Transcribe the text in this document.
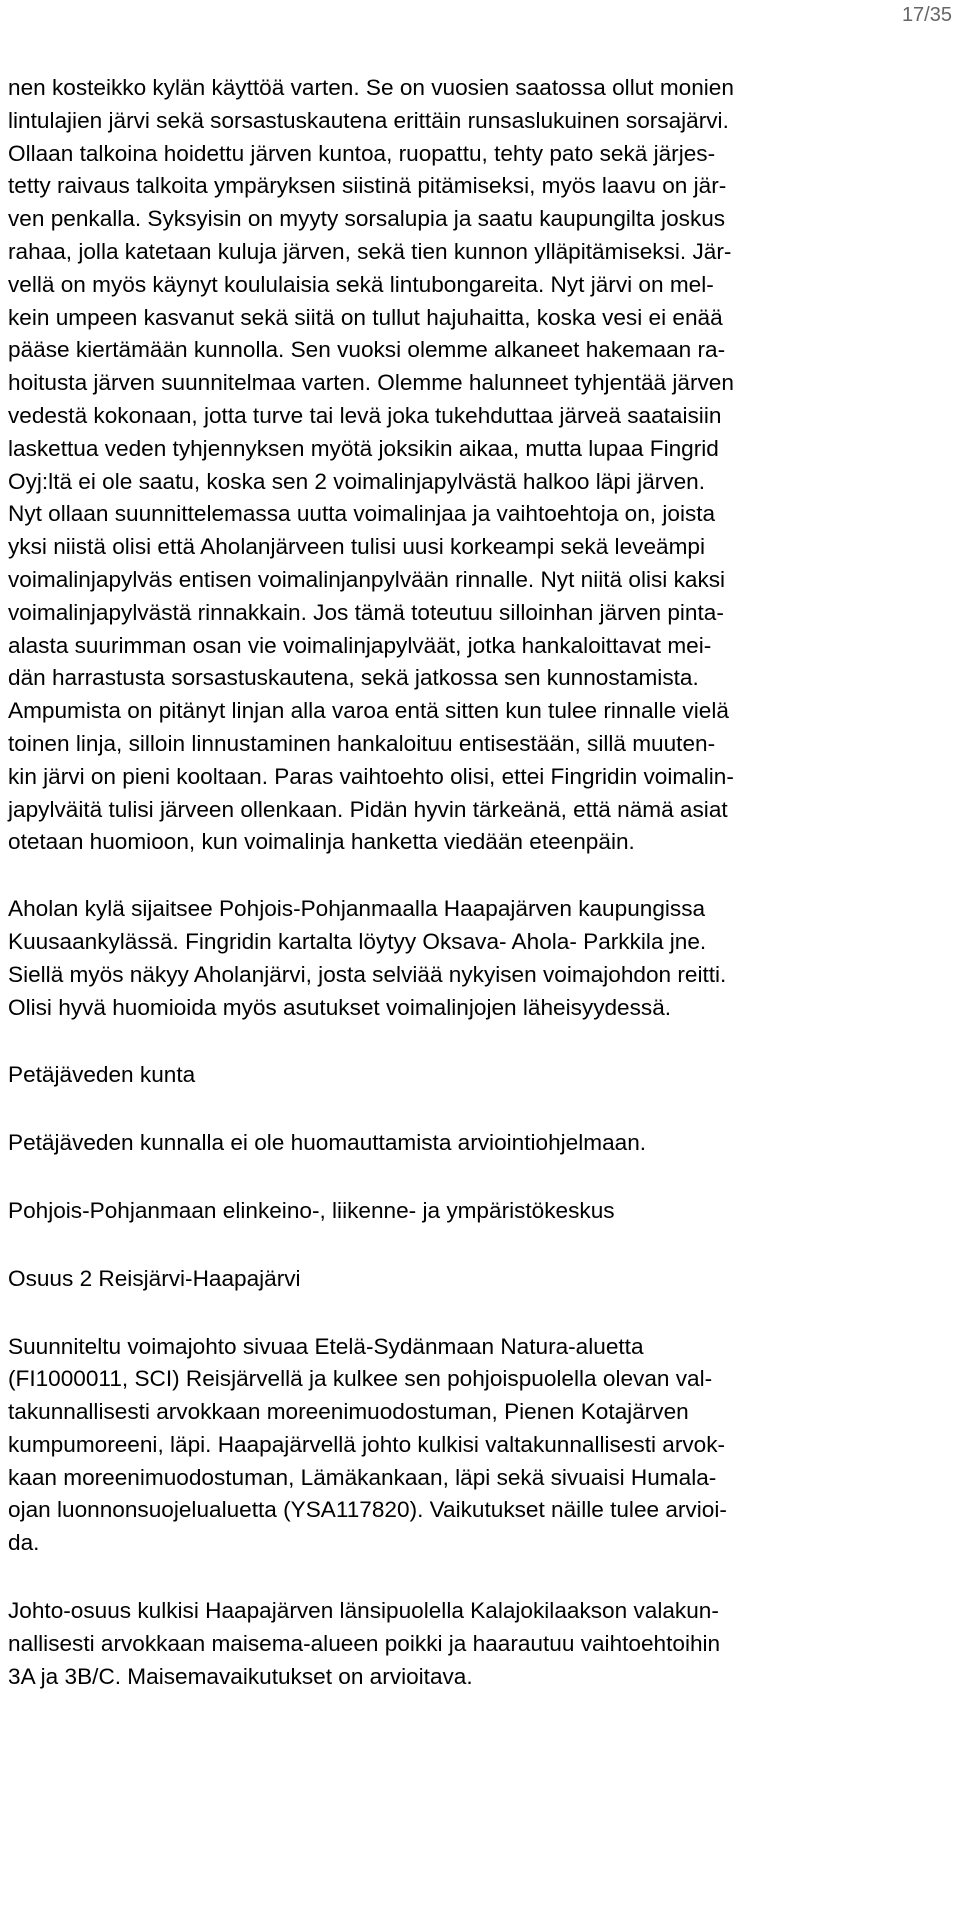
17/35

nen kosteikko kylän käyttöä varten. Se on vuosien saatossa ollut monien

lintulajien järvi sekä sorsastuskautena erittäin runsaslukuinen sorsajärvi.

Ollaan talkoina hoidettu järven kuntoa, ruopattu, tehty pato sekä järjes-

tetty raivaus talkoita ympäryksen siistinä pitämiseksi, myös laavu on jär-

ven penkalla. Syksyisin on myyty sorsalupia ja saatu kaupungilta joskus

rahaa, jolla katetaan kuluja järven, sekä tien kunnon ylläpitämiseksi. Jär-

vellä on myös käynyt koululaisia sekä lintubongareita. Nyt järvi on mel-

kein umpeen kasvanut sekä siitä on tullut hajuhaitta, koska vesi ei enää

pääse kiertämään kunnolla. Sen vuoksi olemme alkaneet hakemaan ra-

hoitusta järven suunnitelmaa varten. Olemme halunneet tyhjentää järven

vedestä kokonaan, jotta turve tai levä joka tukehduttaa järveä saataisiin

laskettua veden tyhjennyksen myötä joksikin aikaa, mutta lupaa Fingrid

Oyj:ltä ei ole saatu, koska sen 2 voimalinjapylvästä halkoo läpi järven.

Nyt ollaan suunnittelemassa uutta voimalinjaa ja vaihtoehtoja on, joista

yksi niistä olisi että Aholanjärveen tulisi uusi korkeampi sekä leveämpi

voimalinjapylväs entisen voimalinjanpylvään rinnalle. Nyt niitä olisi kaksi

voimalinjapylvästä rinnakkain. Jos tämä toteutuu silloinhan järven pinta-

alasta suurimman osan vie voimalinjapylväät, jotka hankaloittavat mei-

dän harrastusta sorsastuskautena, sekä jatkossa sen kunnostamista.

Ampumista on pitänyt linjan alla varoa entä sitten kun tulee rinnalle vielä

toinen linja, silloin linnustaminen hankaloituu entisestään, sillä muuten-

kin järvi on pieni kooltaan. Paras vaihtoehto olisi, ettei Fingridin voimalin-

japylväitä tulisi järveen ollenkaan. Pidän hyvin tärkeänä, että nämä asiat

otetaan huomioon, kun voimalinja hanketta viedään eteenpäin.

Aholan kylä sijaitsee Pohjois-Pohjanmaalla Haapajärven kaupungissa

Kuusaankylässä. Fingridin kartalta löytyy Oksava- Ahola- Parkkila jne.

Siellä myös näkyy Aholanjärvi, josta selviää nykyisen voimajohdon reitti.

Olisi hyvä huomioida myös asutukset voimalinjojen läheisyydessä.

Petäjäveden kunta

Petäjäveden kunnalla ei ole huomauttamista arviointiohjelmaan.

Pohjois-Pohjanmaan elinkeino-, liikenne- ja ympäristökeskus

Osuus 2 Reisjärvi-Haapajärvi

Suunniteltu voimajohto sivuaa Etelä-Sydänmaan Natura-aluetta

(FI1000011, SCI) Reisjärvellä ja kulkee sen pohjoispuolella olevan val-

takunnallisesti arvokkaan moreenimuodostuman, Pienen Kotajärven

kumpumoreeni, läpi. Haapajärvellä johto kulkisi valtakunnallisesti arvok-

kaan moreenimuodostuman, Lämäkankaan, läpi sekä sivuaisi Humala-

ojan luonnonsuojelualuetta (YSA117820). Vaikutukset näille tulee arvioi-

da.

Johto-osuus kulkisi Haapajärven länsipuolella Kalajokilaakson valakun-

nallisesti arvokkaan maisema-alueen poikki ja haarautuu vaihtoehtoihin

3A ja 3B/C. Maisemavaikutukset on arvioitava.
